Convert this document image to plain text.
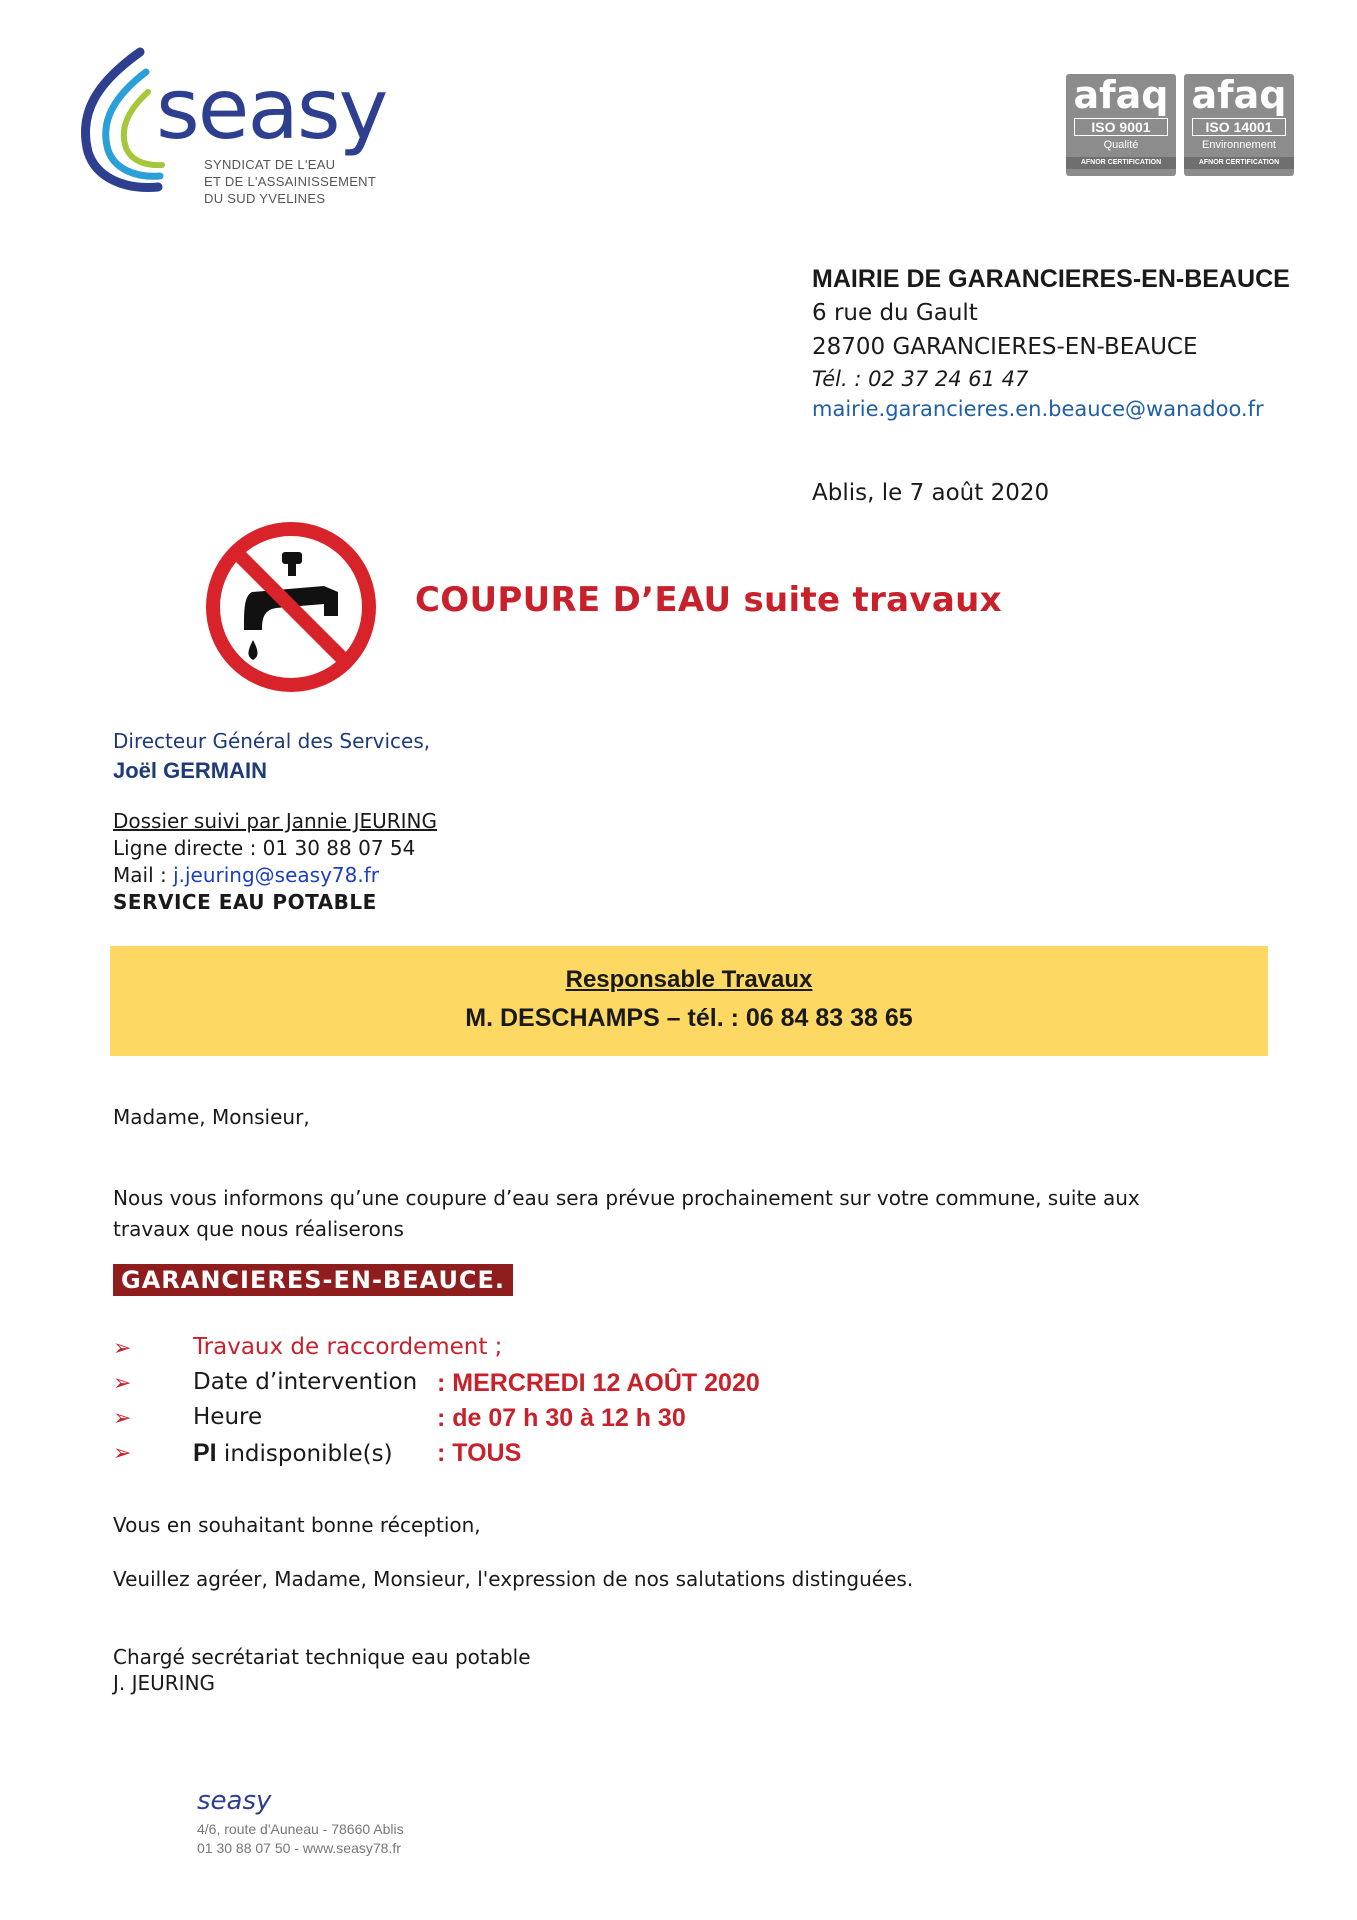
seasy
SYNDICAT DE L'EAU
ET DE L'ASSAINISSEMENT
DU SUD YVELINES
afaq
ISO 9001
Qualité
AFNOR CERTIFICATION
afaq
ISO 14001
Environnement
AFNOR CERTIFICATION
MAIRIE DE GARANCIERES-EN-BEAUCE
6 rue du Gault
28700 GARANCIERES-EN-BEAUCE
Tél. : 02 37 24 61 47
mairie.garancieres.en.beauce@wanadoo.fr
Ablis, le 7 août 2020
COUPURE D’EAU suite travaux
Directeur Général des Services,
Joël GERMAIN
Dossier suivi par Jannie JEURING
Ligne directe : 01 30 88 07 54
Mail : j.jeuring@seasy78.fr
SERVICE EAU POTABLE
Responsable Travaux
M. DESCHAMPS – tél. : 06 84 83 38 65
Madame, Monsieur,
Nous vous informons qu’une coupure d’eau sera prévue prochainement sur votre commune, suite aux
travaux que nous réaliserons
GARANCIERES-EN-BEAUCE.
➢	Travaux de raccordement ;
➢	Date d’intervention : MERCREDI 12 AOÛT 2020
➢	Heure	: de 07 h 30 à 12 h 30
➢ PI indisponible(s) : TOUS
Vous en souhaitant bonne réception,
Veuillez agréer, Madame, Monsieur, l'expression de nos salutations distinguées.
Chargé secrétariat technique eau potable
J. JEURING
seasy
4/6, route d'Auneau - 78660 Ablis
01 30 88 07 50 - www.seasy78.fr
